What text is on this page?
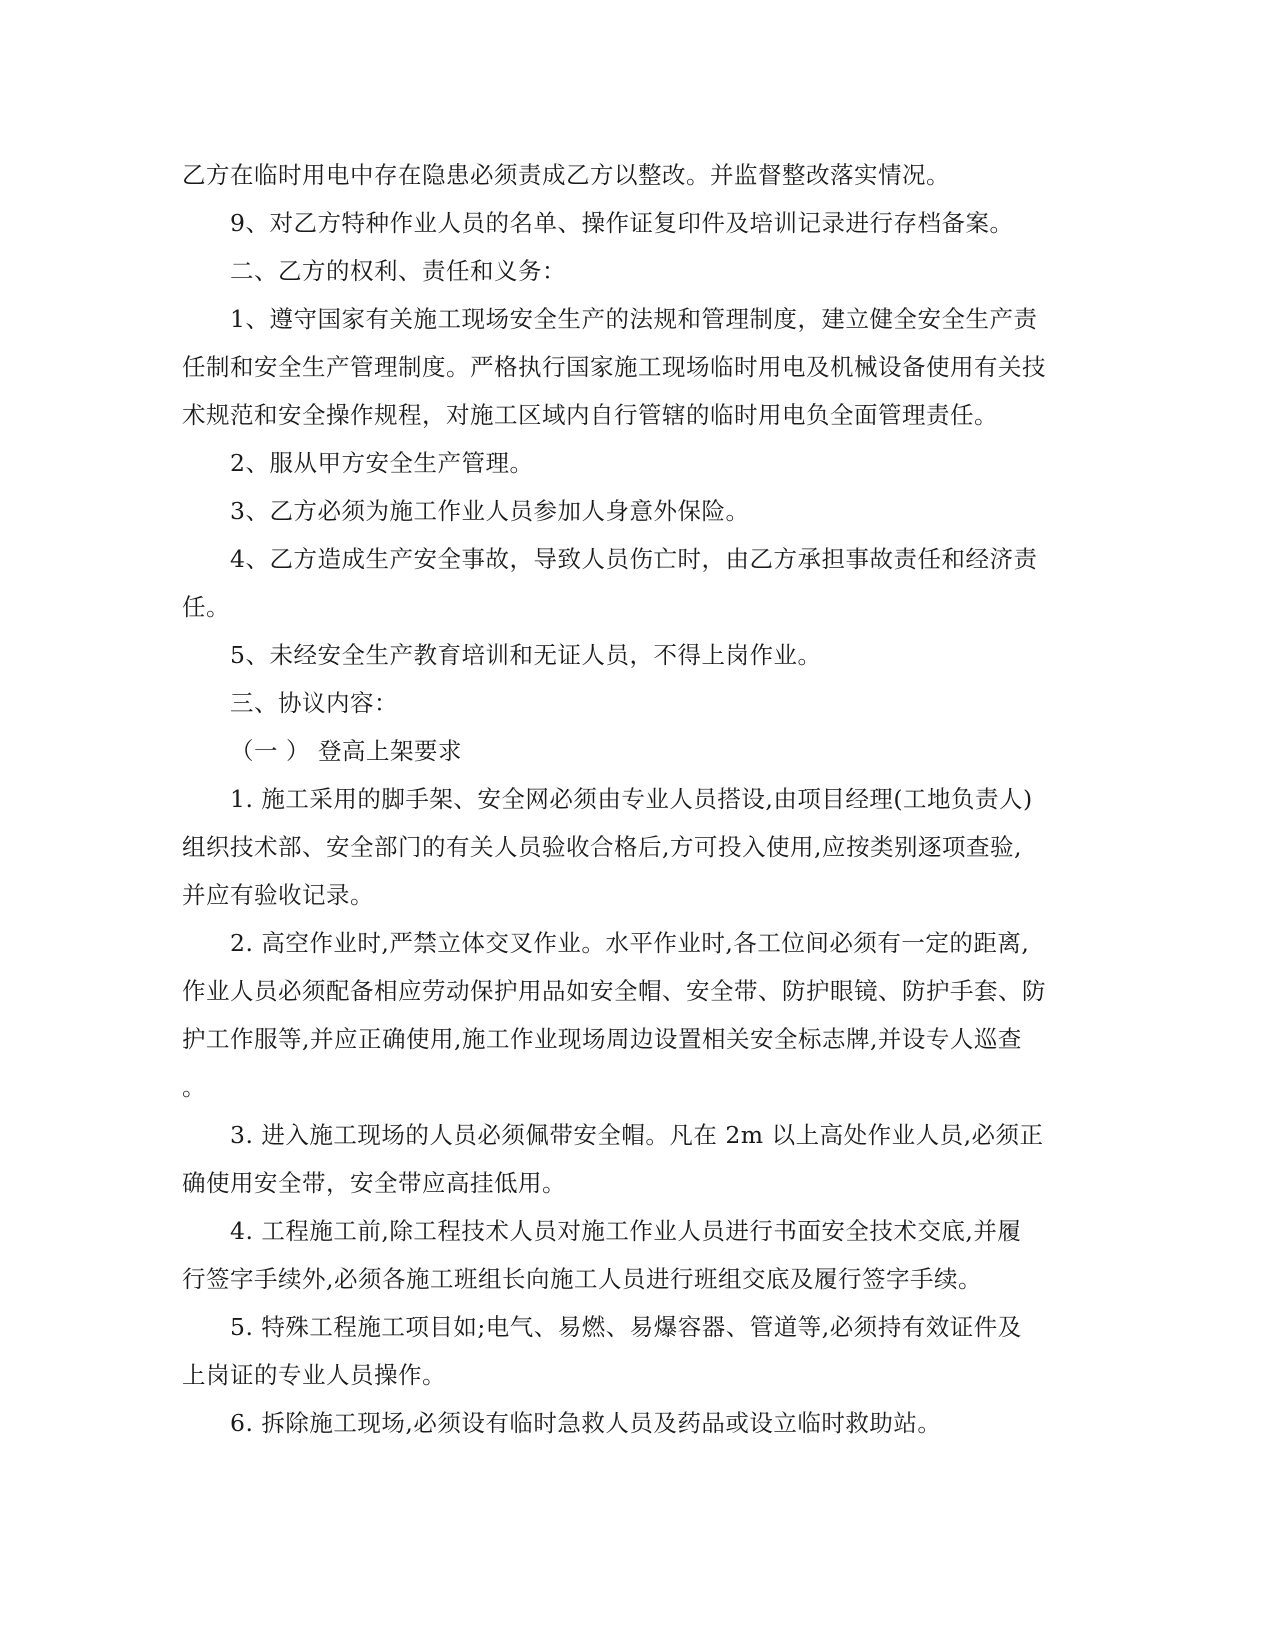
乙方在临时用电中存在隐患必须责成乙方以整改。并监督整改落实情况。
9、对乙方特种作业人员的名单、操作证复印件及培训记录进行存档备案。
二、乙方的权利、责任和义务：
1、遵守国家有关施工现场安全生产的法规和管理制度，建立健全安全生产责
任制和安全生产管理制度。严格执行国家施工现场临时用电及机械设备使用有关技
术规范和安全操作规程，对施工区域内自行管辖的临时用电负全面管理责任。
2、服从甲方安全生产管理。
3、乙方必须为施工作业人员参加人身意外保险。
4、乙方造成生产安全事故，导致人员伤亡时，由乙方承担事故责任和经济责
任。
5、未经安全生产教育培训和无证人员，不得上岗作业。
三、协议内容：
（一 ） 登高上架要求
1. 施工采用的脚手架、安全网必须由专业人员搭设,由项目经理(工地负责人)
组织技术部、安全部门的有关人员验收合格后,方可投入使用,应按类别逐项查验,
并应有验收记录。
2. 高空作业时,严禁立体交叉作业。水平作业时,各工位间必须有一定的距离,
作业人员必须配备相应劳动保护用品如安全帽、安全带、防护眼镜、防护手套、防
护工作服等,并应正确使用,施工作业现场周边设置相关安全标志牌,并设专人巡查
。
3. 进入施工现场的人员必须佩带安全帽。凡在 2m 以上高处作业人员,必须正
确使用安全带，安全带应高挂低用。
4. 工程施工前,除工程技术人员对施工作业人员进行书面安全技术交底,并履
行签字手续外,必须各施工班组长向施工人员进行班组交底及履行签字手续。
5. 特殊工程施工项目如;电气、易燃、易爆容器、管道等,必须持有效证件及
上岗证的专业人员操作。
6. 拆除施工现场,必须设有临时急救人员及药品或设立临时救助站。
